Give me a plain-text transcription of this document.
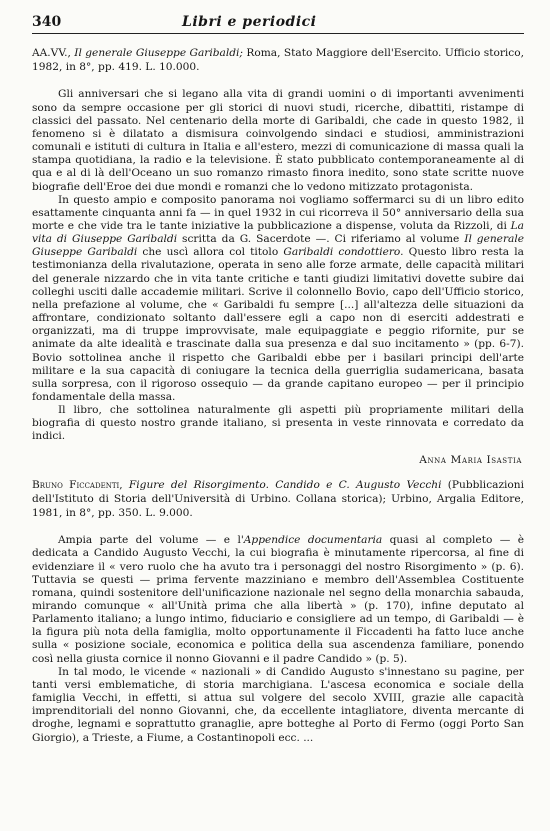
340	Libri e periodici
AA.VV., Il generale Giuseppe Garibaldi; Roma, Stato Maggiore dell'Esercito. Ufficio storico, 1982, in 8°, pp. 419. L. 10.000.

Gli anniversari che si legano alla vita di grandi uomini o di importanti avvenimenti sono da sempre occasione per gli storici di nuovi studi, ricerche, dibattiti, ristampe di classici del passato. Nel centenario della morte di Garibaldi, che cade in questo 1982, il fenomeno si è dilatato a dismisura coinvolgendo sindaci e studiosi, amministrazioni comunali e istituti di cultura in Italia e all'estero, mezzi di comunicazione di massa quali la stampa quotidiana, la radio e la televisione. È stato pubblicato contemporaneamente al di qua e al di là dell'Oceano un suo romanzo rimasto finora inedito, sono state scritte nuove biografie dell'Eroe dei due mondi e romanzi che lo vedono mitizzato protagonista.

In questo ampio e composito panorama noi vogliamo soffermarci su di un libro edito esattamente cinquanta anni fa — in quel 1932 in cui ricorreva il 50° anniversario della sua morte e che vide tra le tante iniziative la pubblicazione a dispense, voluta da Rizzoli, di La vita di Giuseppe Garibaldi scritta da G. Sacerdote —. Ci riferiamo al volume Il generale Giuseppe Garibaldi che uscì allora col titolo Garibaldi condottiero. Questo libro resta la testimonianza della rivalutazione, operata in seno alle forze armate, delle capacità militari del generale nizzardo che in vita tante critiche e tanti giudizi limitativi dovette subire dai colleghi usciti dalle accademie militari. Scrive il colonnello Bovio, capo dell'Ufficio storico, nella prefazione al volume, che « Garibaldi fu sempre [...] all'altezza delle situazioni da affrontare, condizionato soltanto dall'essere egli a capo non di eserciti addestrati e organizzati, ma di truppe improvvisate, male equipaggiate e peggio rifornite, pur se animate da alte idealità e trascinate dalla sua presenza e dal suo incitamento » (pp. 6-7). Bovio sottolinea anche il rispetto che Garibaldi ebbe per i basilari principi dell'arte militare e la sua capacità di coniugare la tecnica della guerriglia sudamericana, basata sulla sorpresa, con il rigoroso ossequio — da grande capitano europeo — per il principio fondamentale della massa.

Il libro, che sottolinea naturalmente gli aspetti più propriamente militari della biografia di questo nostro grande italiano, si presenta in veste rinnovata e corredato da indici.

Anna Maria Isastia
Bruno Ficcadenti, Figure del Risorgimento. Candido e C. Augusto Vecchi (Pubblicazioni dell'Istituto di Storia dell'Università di Urbino. Collana storica); Urbino, Argalia Editore, 1981, in 8°, pp. 350. L. 9.000.

Ampia parte del volume — e l'Appendice documentaria quasi al completo — è dedicata a Candido Augusto Vecchi, la cui biografia è minutamente ripercorsa, al fine di evidenziare il « vero ruolo che ha avuto tra i personaggi del nostro Risorgimento » (p. 6). Tuttavia se questi — prima fervente mazziniano e membro dell'Assemblea Costituente romana, quindi sostenitore dell'unificazione nazionale nel segno della monarchia sabauda, mirando comunque « all'Unità prima che alla libertà » (p. 170), infine deputato al Parlamento italiano; a lungo intimo, fiduciario e consigliere ad un tempo, di Garibaldi — è la figura più nota della famiglia, molto opportunamente il Ficcadenti ha fatto luce anche sulla « posizione sociale, economica e politica della sua ascendenza familiare, ponendo così nella giusta cornice il nonno Giovanni e il padre Candido » (p. 5).

In tal modo, le vicende « nazionali » di Candido Augusto s'innestano su pagine, per tanti versi emblematiche, di storia marchigiana. L'ascesa economica e sociale della famiglia Vecchi, in effetti, si attua sul volgere del secolo XVIII, grazie alle capacità imprenditoriali del nonno Giovanni, che, da eccellente intagliatore, diventa mercante di droghe, legnami e soprattutto granaglie, apre botteghe al Porto di Fermo (oggi Porto San Giorgio), a Trieste, a Fiume, a Costantinopoli ecc. ...
